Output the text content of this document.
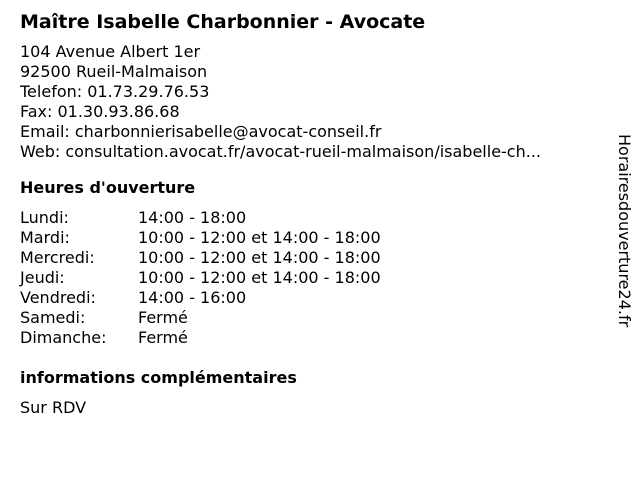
Maître Isabelle Charbonnier - Avocate
104 Avenue Albert 1er
92500 Rueil-Malmaison
Telefon: 01.73.29.76.53
Fax: 01.30.93.86.68
Email: charbonnierisabelle@avocat-conseil.fr
Web: consultation.avocat.fr/avocat-rueil-malmaison/isabelle-ch...
Heures d'ouverture
Lundi:	14:00 - 18:00
Mardi:	10:00 - 12:00 et 14:00 - 18:00
Mercredi:	10:00 - 12:00 et 14:00 - 18:00
Jeudi:	10:00 - 12:00 et 14:00 - 18:00
Vendredi:	14:00 - 16:00
Samedi:	Fermé
Dimanche:	Fermé
informations complémentaires
Sur RDV
Horairesdouverture24.fr
